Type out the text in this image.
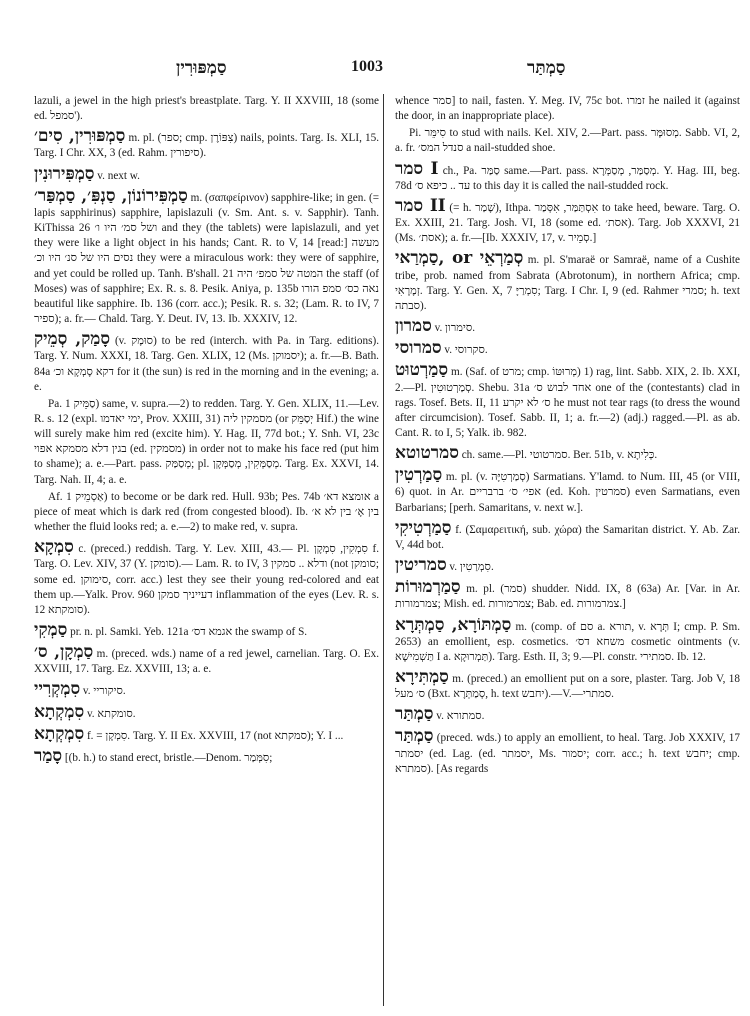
סַמְפּוּרִין	1003	סַמְתַּר

lazuli, a jewel in the high priest's breastplate. Targ. Y. II XXVIII, 18 (some ed. סמפל').

סַמְפּוּרִין, סִים׳ m. pl. (ספר; cmp. צִפּוֹרֶן) nails, points. Targ. Is. XLI, 15. Targ. I Chr. XX, 3 (ed. Rahm. סיפורין).

סַמְפִּירוּנִין v. next w.

סַמְפִּירוֹנוֹן, סַנְפִּ׳, סַמְפַּר׳ m. (σαπφείρινον) sapphire-like; in gen. (= lapis sapphirinus) sapphire, lapislazuli (v. Sm. Ant. s. v. Sapphir). Tanh. KiThissa 26 ושל סמ׳ היו ו׳ and they (the tablets) were lapislazuli, and yet they were like a light object in his hands; Cant. R. to V, 14 [read:] מעשה נסים היו של סנ׳ היו וכ׳ they were a miraculous work: they were of sapphire, and yet could be rolled up. Tanh. B'shall. 21 המטה של סמפ׳ היה the staff (of Moses) was of sapphire; Ex. R. s. 8. Pesik. Aniya, p. 135b נאה כס׳ סמפ הורו beautiful like sapphire. Ib. 136 (corr. acc.); Pesik. R. s. 32; (Lam. R. to IV, 7 ספיר); a. fr.— Chald. Targ. Y. Deut. IV, 13. Ib. XXXIV, 12.

סָמַק, סְמֵיק (v. סוּמָק) to be red (interch. with Pa. in Targ. editions). Targ. Y. Num. XXXI, 18. Targ. Gen. XLIX, 12 (Ms. יסמוקן); a. fr.—B. Bath. 84a דקא סָמְקָא וכ׳ for it (the sun) is red in the morning and in the evening; a. e.

Pa. סַמֵּיק 1) same, v. supra.—2) to redden. Targ. Y. Gen. XLIX, 11.—Lev. R. s. 12 (expl. ימי יאדמו, Prov. XXIII, 31) מסמקין ליה (or יְסַמֵּק Hif.) the wine will surely make him red (excite him). Y. Hag. II, 77d bot.; Y. Snh. VI, 23c בגין דלא מסמקא אפוי (ed. מסמקין) in order not to make his face red (put him to shame); a. e.—Part. pass. מְסַמַּק; pl. מְסַמְּקִין, מְסַמְּקָן. Targ. Ex. XXVI, 14. Targ. Nah. II, 4; a. e.

Af. אַסְמֵיק 1) to become or be dark red. Hull. 93b; Pes. 74b אומצא דא׳ a piece of meat which is dark red (from congested blood). Ib. בין אָ׳ בין לא א׳ whether the fluid looks red; a. e.—2) to make red, v. supra.

סִמְקָא c. (preced.) reddish. Targ. Y. Lev. XIII, 43.— Pl. סִמְקִין, סִמְקָן f. Targ. O. Lev. XIV, 37 (Y. סומקן).— Lam. R. to IV, 3 ודלא .. סמקין (not סומקן; some ed. סימוקן, corr. acc.) lest they see their young red-colored and eat them up.—Yalk. Prov. 960 דעייניך סמקן inflammation of the eyes (Lev. R. s. 12 סומקתא).

סַמְקִי pr. n. pl. Samki. Yeb. 121a אגמא דס׳ the swamp of S.

סַמְקָן, ס׳ m. (preced. wds.) name of a red jewel, carnelian. Targ. O. Ex. XXVIII, 17. Targ. Ez. XXVIII, 13; a. e.

סִמְקְרִיי v. סיקוריי.

סִמְקְתָא v. סומקתא.

סִמְקְתָא f. = סִמְקָן. Targ. Y. II Ex. XXVIII, 17 (not סמקתא); Y. I ...

סָמַר [(b. h.) to stand erect, bristle.—Denom. סִמְּמַר;

whence סמר] to nail, fasten. Y. Meg. IV, 75c bot. זמרו he nailed it (against the door, in an inappropriate place).

Pi. סִימֵּר to stud with nails. Kel. XIV, 2.—Part. pass. מְסוּמָּר. Sabb. VI, 2, a. fr. סנדל המס׳ a nail-studded shoe.

סמר I ch., Pa. סַמַּר same.—Part. pass. מְסַמַּר, מְסַמְּרָא. Y. Hag. III, beg. 78d עד .. כיפא ס׳ to this day it is called the nail-studded rock.

סמר II (= h. שָׁמַר), Ithpa. אִסְתַּמַּר, אִסְּמַר to take heed, beware. Targ. O. Ex. XXIII, 21. Targ. Josh. VI, 18 (some ed. אסת׳). Targ. Job XXXVI, 21 (Ms. אסת׳); a. fr.—[Ib. XXXIV, 17, v. סְמֵיר.]

סַמְרַאי, or סְמַרְאֵי m. pl. S'maraë or Samraë, name of a Cushite tribe, prob. named from Sabrata (Abrotonum), in northern Africa; cmp. זְמָרָאִי. Targ. Y. Gen. X, 7 סִמְרַיָּ; Targ. I Chr. I, 9 (ed. Rahmer סמרי; h. text סבתה).

סמרון v. סימרון.

סמרוסי v. סקרוסי.

סַמַרְטוּט m. (Saf. of מרט; cmp. מְרוּטּוֹ) 1) rag, lint. Sabb. XIX, 2. Ib. XXI, 2.—Pl. סְמַרְטוּטִין. Shebu. 31a אחד לבוש ס׳ one of the (contestants) clad in rags. Tosef. Bets. II, 11 ס׳ לא יקרע he must not tear rags (to dress the wound after circumcision). Tosef. Sabb. II, 1; a. fr.—2) (adj.) ragged.—Pl. as ab. Cant. R. to I, 5; Yalk. ib. 982.

סמרטוטא ch. same.—Pl. סמרטוטי. Ber. 51b, v. כְּלִיתָא.

סַמַרְטִין m. pl. (v. סְמַרְטִיָּה) Sarmatians. Y'lamd. to Num. III, 45 (or VIII, 6) quot. in Ar. אפי׳ ס׳ ברבריים (ed. Koh. סמרטין) even Sarmatians, even Barbarians; [perh. Samaritans, v. next w.].

סַמַרְטִיקִי f. (Σαμαρειτική, sub. χώρα) the Samaritan district. Y. Ab. Zar. V, 44d bot.

סמריטין v. סִמְרַטִין.

סַמַרְמוּרוֹת m. pl. (סמר) shudder. Nidd. IX, 8 (63a) Ar. [Var. in Ar. צמרמורות; Mish. ed. צמרמורות; Bab. ed. צמרמורות.]

סַמְתּוֹרָא, סַמְתְּרָא m. (comp. of סם a. תורא, v. תְּרָא I; cmp. P. Sm. 2653) an emollient, esp. cosmetics. משחא דס׳ cosmetic ointments (v. תַּשְׁמִישָׁא I a. תַּמְרוּקָא). Targ. Esth. II, 3; 9.—Pl. constr. סמתירי. Ib. 12.

סַמְתִּירָא m. (preced.) an emollient put on a sore, plaster. Targ. Job V, 18 ס׳ מעל (Bxt. סְמַתְּרָא, h. text יחבש).—V.—סמתרי.

סַמְתַּר v. סמתורא.

סַמְתַּר (preced. wds.) to apply an emollient, to heal. Targ. Job XXXIV, 17 יסמתר (ed. Lag. (ed. יסמתר, Ms. יסמור; corr. acc.; h. text יחבש; cmp. סמתרא). [As regards
